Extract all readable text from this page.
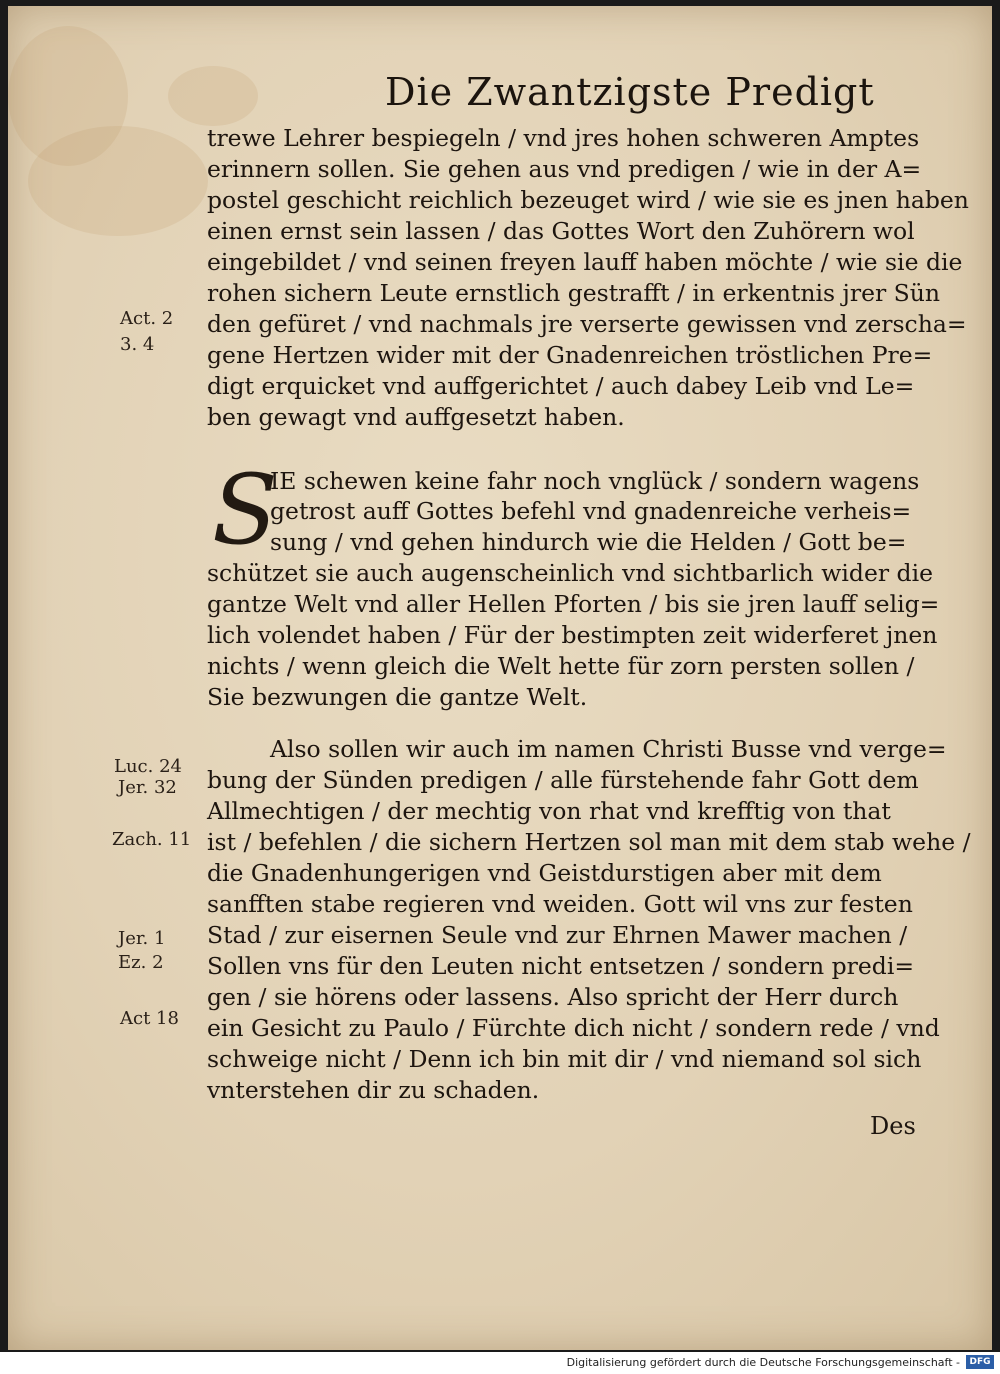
Die Zwantzigste Predigt
trewe Lehrer bespiegeln / vnd jres hohen schweren Amptes
erinnern sollen. Sie gehen aus vnd predigen / wie in der A=
postel geschicht reichlich bezeuget wird / wie sie es jnen haben
einen ernst sein lassen / das Gottes Wort den Zuhörern wol
eingebildet / vnd seinen freyen lauff haben möchte / wie sie die
rohen sichern Leute ernstlich gestrafft / in erkentnis jrer Sün
den gefüret / vnd nachmals jre verserte gewissen vnd zerscha=
gene Hertzen wider mit der Gnadenreichen tröstlichen Pre=
digt erquicket vnd auffgerichtet / auch dabey Leib vnd Le=
ben gewagt vnd auffgesetzt haben.
S
IE schewen keine fahr noch vnglück / sondern wagens
getrost auff Gottes befehl vnd gnadenreiche verheis=
sung / vnd gehen hindurch wie die Helden / Gott be=
schützet sie auch augenscheinlich vnd sichtbarlich wider die
gantze Welt vnd aller Hellen Pforten / bis sie jren lauff selig=
lich volendet haben / Für der bestimpten zeit widerferet jnen
nichts / wenn gleich die Welt hette für zorn persten sollen /
Sie bezwungen die gantze Welt.
Also sollen wir auch im namen Christi Busse vnd verge=
bung der Sünden predigen / alle fürstehende fahr Gott dem
Allmechtigen / der mechtig von rhat vnd krefftig von that
ist / befehlen / die sichern Hertzen sol man mit dem stab wehe /
die Gnadenhungerigen vnd Geistdurstigen aber mit dem
sanfften stabe regieren vnd weiden. Gott wil vns zur festen
Stad / zur eisernen Seule vnd zur Ehrnen Mawer machen /
Sollen vns für den Leuten nicht entsetzen / sondern predi=
gen / sie hörens oder lassens. Also spricht der Herr durch
ein Gesicht zu Paulo / Fürchte dich nicht / sondern rede / vnd
schweige nicht / Denn ich bin mit dir / vnd niemand sol sich
vnterstehen dir zu schaden.
Act. 2
3. 4
Luc. 24
Jer. 32
Zach. 11
Jer. 1
Ez. 2
Act 18
Des
Digitalisierung gefördert durch die Deutsche Forschungsgemeinschaft -	DFG
